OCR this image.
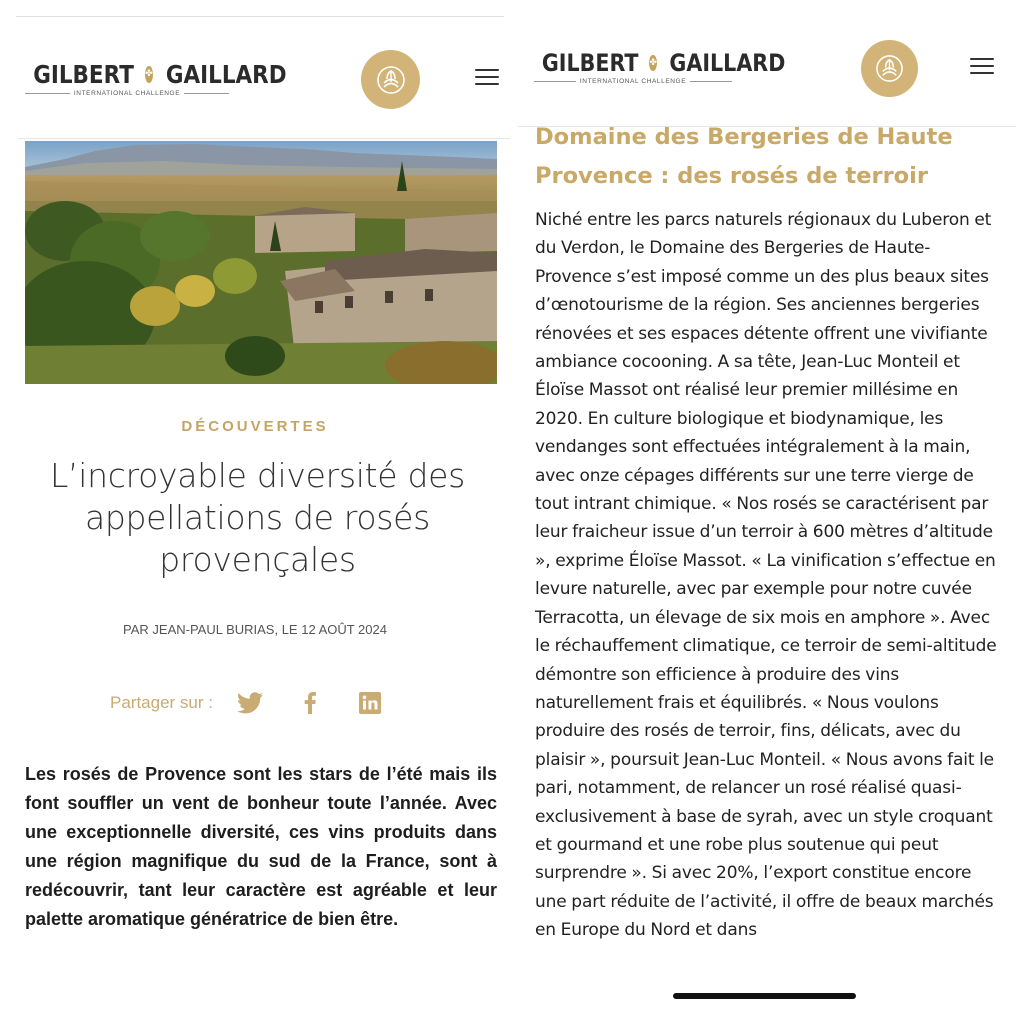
GILBERT ✤ GAILLARD
INTERNATIONAL CHALLENGE
DÉCOUVERTES
L’incroyable diversité des appellations de rosés provençales
PAR JEAN-PAUL BURIAS, LE 12 AOÛT 2024
Partager sur :
Les rosés de Provence sont les stars de l’été mais ils font souffler un vent de bonheur toute l’année. Avec une exceptionnelle diversité, ces vins produits dans une région magnifique du sud de la France, sont à redécouvrir, tant leur caractère est agréable et leur palette aromatique génératrice de bien être.
GILBERT ✤ GAILLARD
INTERNATIONAL CHALLENGE
Domaine des Bergeries de Haute Provence : des rosés de terroir
Niché entre les parcs naturels régionaux du Luberon et du Verdon, le Domaine des Bergeries de Haute-Provence s’est imposé comme un des plus beaux sites d’œnotourisme de la région. Ses anciennes bergeries rénovées et ses espaces détente offrent une vivifiante ambiance cocooning. A sa tête, Jean-Luc Monteil et Éloïse Massot ont réalisé leur premier millésime en 2020. En culture biologique et biodynamique, les vendanges sont effectuées intégralement à la main, avec onze cépages différents sur une terre vierge de tout intrant chimique. « Nos rosés se caractérisent par leur fraicheur issue d’un terroir à 600 mètres d’altitude », exprime Éloïse Massot. « La vinification s’effectue en levure naturelle, avec par exemple pour notre cuvée Terracotta, un élevage de six mois en amphore ». Avec le réchauffement climatique, ce terroir de semi-altitude démontre son efficience à produire des vins naturellement frais et équilibrés. « Nous voulons produire des rosés de terroir, fins, délicats, avec du plaisir », poursuit Jean-Luc Monteil. « Nous avons fait le pari, notamment, de relancer un rosé réalisé quasi-exclusivement à base de syrah, avec un style croquant et gourmand et une robe plus soutenue qui peut surprendre ». Si avec 20%, l’export constitue encore une part réduite de l’activité, il offre de beaux marchés en Europe du Nord et dans
